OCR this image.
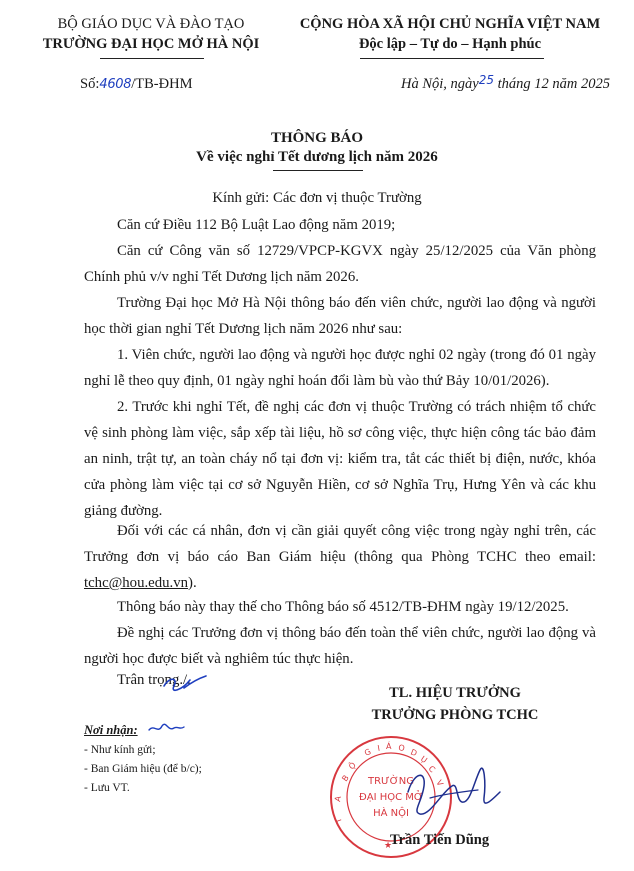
BỘ GIÁO DỤC VÀ ĐÀO TẠO
TRƯỜNG ĐẠI HỌC MỞ HÀ NỘI
CỘNG HÒA XÃ HỘI CHỦ NGHĨA VIỆT NAM
Độc lập – Tự do – Hạnh phúc
Số:4608/TB-ĐHM	Hà Nội, ngày$^{25}$ tháng 12 năm 2025
THÔNG BÁO
Về việc nghỉ Tết dương lịch năm 2026
Kính gửi: Các đơn vị thuộc Trường
Căn cứ Điều 112 Bộ Luật Lao động năm 2019;
Căn cứ Công văn số 12729/VPCP-KGVX ngày 25/12/2025 của Văn phòng Chính phủ v/v nghỉ Tết Dương lịch năm 2026.
Trường Đại học Mở Hà Nội thông báo đến viên chức, người lao động và người học thời gian nghỉ Tết Dương lịch năm 2026 như sau:
1. Viên chức, người lao động và người học được nghỉ 02 ngày (trong đó 01 ngày nghỉ lễ theo quy định, 01 ngày nghỉ hoán đổi làm bù vào thứ Bảy 10/01/2026).
2. Trước khi nghỉ Tết, đề nghị các đơn vị thuộc Trường có trách nhiệm tổ chức vệ sinh phòng làm việc, sắp xếp tài liệu, hồ sơ công việc, thực hiện công tác bảo đảm an ninh, trật tự, an toàn cháy nổ tại đơn vị: kiểm tra, tắt các thiết bị điện, nước, khóa cửa phòng làm việc tại cơ sở Nguyễn Hiền, cơ sở Nghĩa Trụ, Hưng Yên và các khu giảng đường.
Đối với các cá nhân, đơn vị cần giải quyết công việc trong ngày nghỉ trên, các Trưởng đơn vị báo cáo Ban Giám hiệu (thông qua Phòng TCHC theo email: tchc@hou.edu.vn).
Thông báo này thay thế cho Thông báo số 4512/TB-ĐHM ngày 19/12/2025.
Đề nghị các Trưởng đơn vị thông báo đến toàn thể viên chức, người lao động và người học được biết và nghiêm túc thực hiện.
Trân trọng./.
TL. HIỆU TRƯỞNG
TRƯỞNG PHÒNG TCHC
Nơi nhận:
- Như kính gửi;
- Ban Giám hiệu (để b/c);
- Lưu VT.
B
Ộ
G I Á O D
Ụ
C
V
A
T
TRƯỜNG
ĐẠI HỌC MỞ
HÀ NỘI
★
Trần Tiến Dũng
